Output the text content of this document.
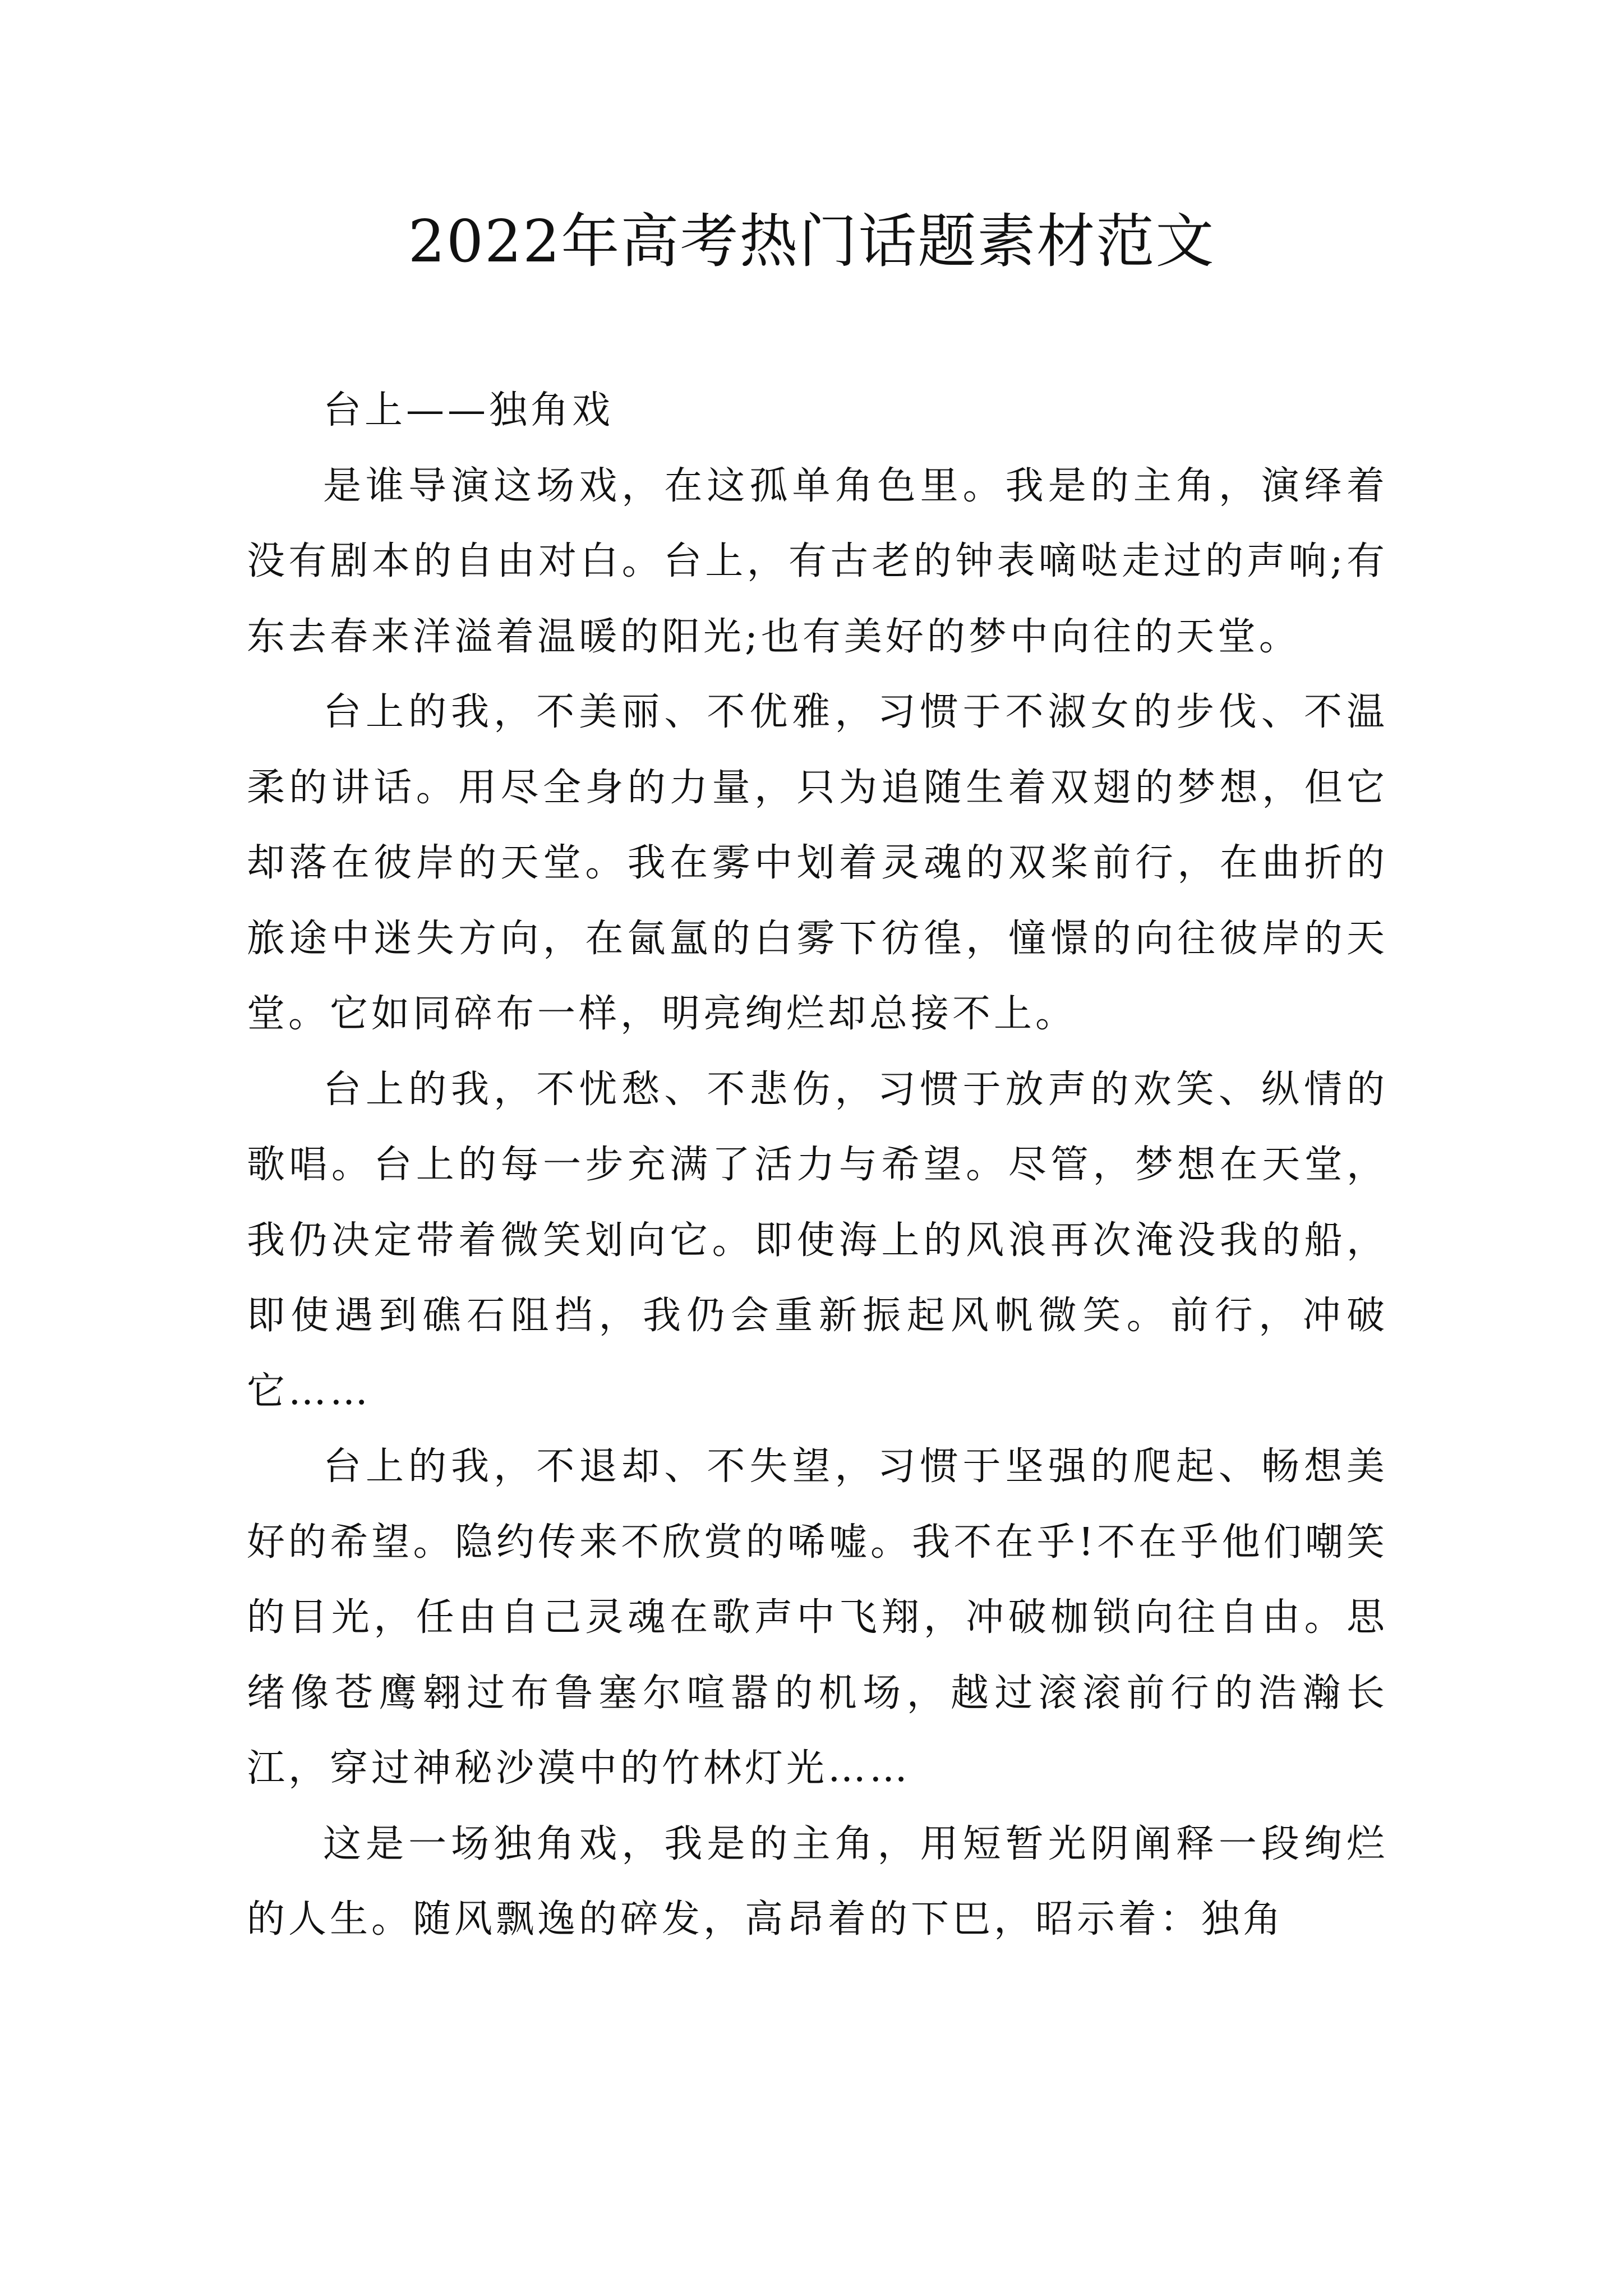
2022年高考热门话题素材范文

台上——独角戏

是谁导演这场戏，在这孤单角色里。我是的主角，演绎着没有剧本的自由对白。台上，有古老的钟表嘀哒走过的声响;有东去春来洋溢着温暖的阳光;也有美好的梦中向往的天堂。

台上的我，不美丽、不优雅，习惯于不淑女的步伐、不温柔的讲话。用尽全身的力量，只为追随生着双翅的梦想，但它却落在彼岸的天堂。我在雾中划着灵魂的双桨前行，在曲折的旅途中迷失方向，在氤氲的白雾下彷徨，憧憬的向往彼岸的天堂。它如同碎布一样，明亮绚烂却总接不上。

台上的我，不忧愁、不悲伤，习惯于放声的欢笑、纵情的歌唱。台上的每一步充满了活力与希望。尽管，梦想在天堂，我仍决定带着微笑划向它。即使海上的风浪再次淹没我的船，即使遇到礁石阻挡，我仍会重新振起风帆微笑。前行，冲破它……

台上的我，不退却、不失望，习惯于坚强的爬起、畅想美好的希望。隐约传来不欣赏的唏嘘。我不在乎!不在乎他们嘲笑的目光，任由自己灵魂在歌声中飞翔，冲破枷锁向往自由。思绪像苍鹰翱过布鲁塞尔喧嚣的机场，越过滚滚前行的浩瀚长江，穿过神秘沙漠中的竹林灯光……

这是一场独角戏，我是的主角，用短暂光阴阐释一段绚烂的人生。随风飘逸的碎发，高昂着的下巴，昭示着：独角
